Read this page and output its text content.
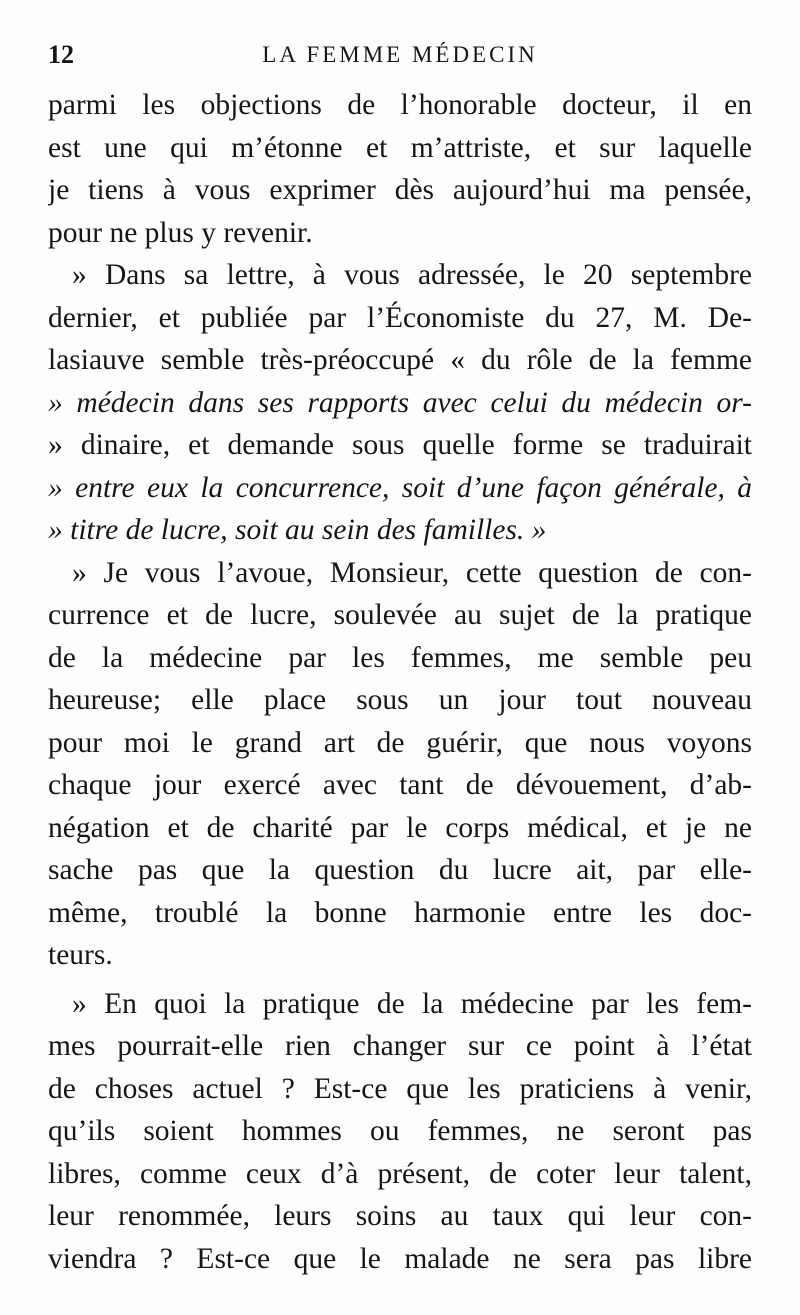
12	LA FEMME MÉDECIN
parmi les objections de l’honorable docteur, il en
est une qui m’étonne et m’attriste, et sur laquelle
je tiens à vous exprimer dès aujourd’hui ma pensée,
pour ne plus y revenir.
» Dans sa lettre, à vous adressée, le 20 septembre
dernier, et publiée par l’Économiste du 27, M. De-
lasiauve semble très-préoccupé « du rôle de la femme
» médecin dans ses rapports avec celui du médecin or-
» dinaire, et demande sous quelle forme se traduirait
» entre eux la concurrence, soit d’une façon générale, à
» titre de lucre, soit au sein des familles. »
» Je vous l’avoue, Monsieur, cette question de con-
currence et de lucre, soulevée au sujet de la pratique
de la médecine par les femmes, me semble peu
heureuse; elle place sous un jour tout nouveau
pour moi le grand art de guérir, que nous voyons
chaque jour exercé avec tant de dévouement, d’ab-
négation et de charité par le corps médical, et je ne
sache pas que la question du lucre ait, par elle-
même, troublé la bonne harmonie entre les doc-
teurs.
» En quoi la pratique de la médecine par les fem-
mes pourrait-elle rien changer sur ce point à l’état
de choses actuel ? Est-ce que les praticiens à venir,
qu’ils soient hommes ou femmes, ne seront pas
libres, comme ceux d’à présent, de coter leur talent,
leur renommée, leurs soins au taux qui leur con-
viendra ? Est-ce que le malade ne sera pas libre
